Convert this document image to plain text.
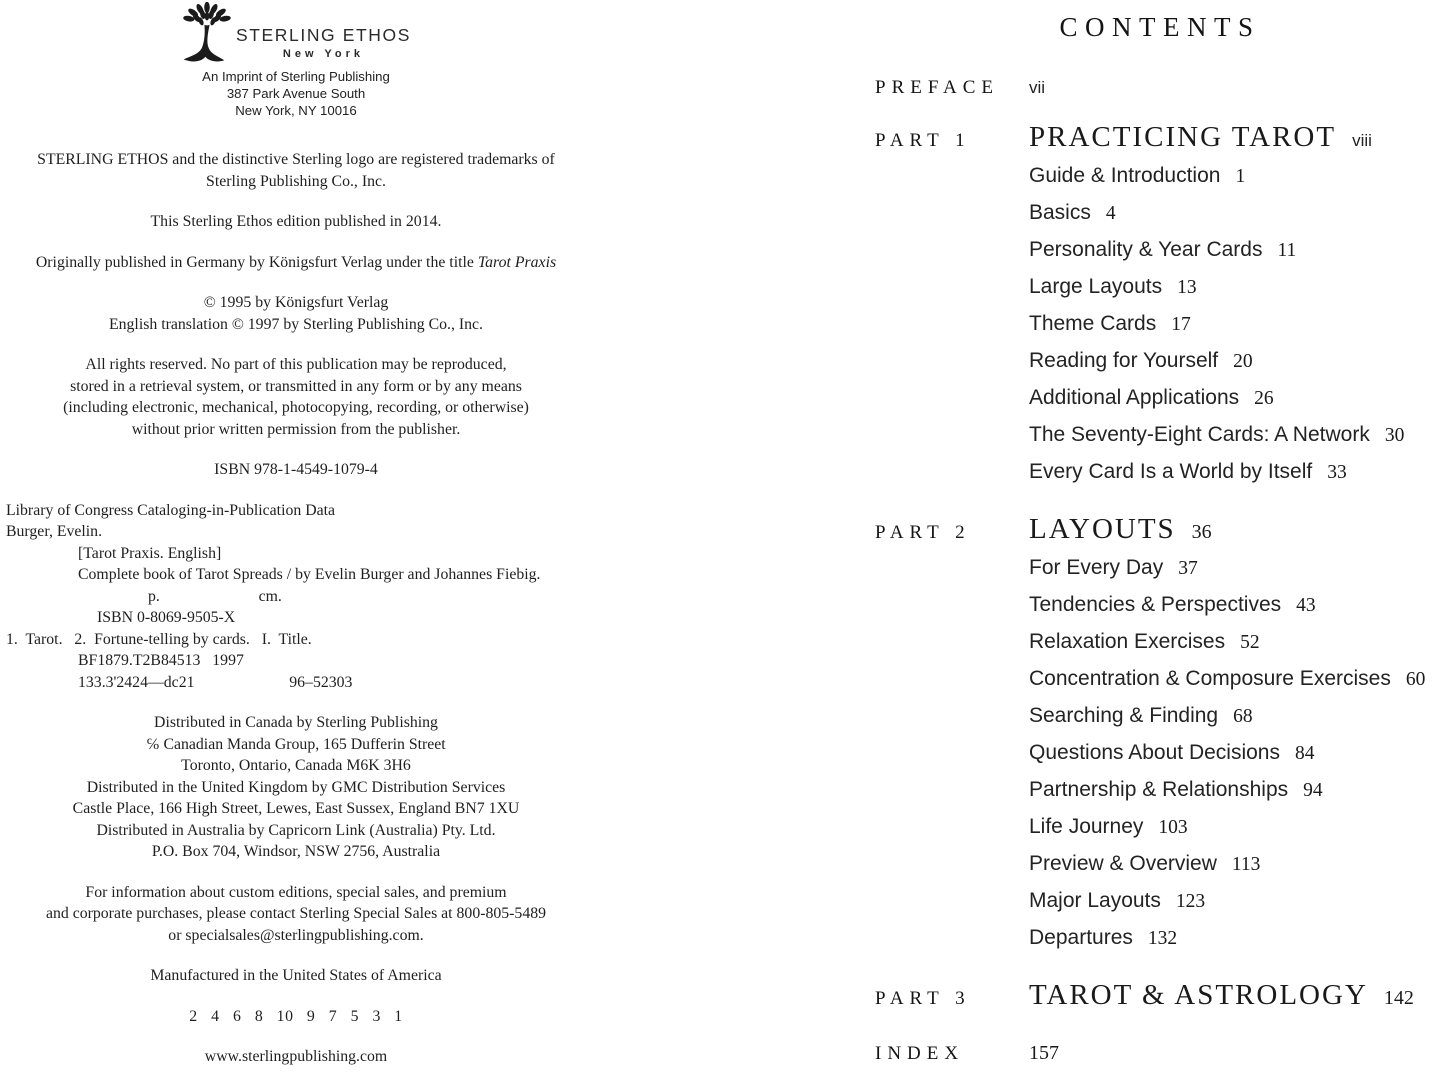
STERLING ETHOS
New York
An Imprint of Sterling Publishing
387 Park Avenue South
New York, NY 10016
STERLING ETHOS and the distinctive Sterling logo are registered trademarks of
Sterling Publishing Co., Inc.
This Sterling Ethos edition published in 2014.
Originally published in Germany by Königsfurt Verlag under the title Tarot Praxis
© 1995 by Königsfurt Verlag
English translation © 1997 by Sterling Publishing Co., Inc.
All rights reserved. No part of this publication may be reproduced,
stored in a retrieval system, or transmitted in any form or by any means
(including electronic, mechanical, photocopying, recording, or otherwise)
without prior written permission from the publisher.
ISBN 978-1-4549-1079-4
Library of Congress Cataloging-in-Publication Data
Burger, Evelin.
[Tarot Praxis. English]
Complete book of Tarot Spreads / by Evelin Burger and Johannes Fiebig.
p.                         cm.
ISBN 0-8069-9505-X
1.  Tarot.   2.  Fortune-telling by cards.   I.  Title.
BF1879.T2B84513   1997
133.3'2424—dc21                        96–52303
Distributed in Canada by Sterling Publishing
℅ Canadian Manda Group, 165 Dufferin Street
Toronto, Ontario, Canada M6K 3H6
Distributed in the United Kingdom by GMC Distribution Services
Castle Place, 166 High Street, Lewes, East Sussex, England BN7 1XU
Distributed in Australia by Capricorn Link (Australia) Pty. Ltd.
P.O. Box 704, Windsor, NSW 2756, Australia
For information about custom editions, special sales, and premium
and corporate purchases, please contact Sterling Special Sales at 800-805-5489
or specialsales@sterlingpublishing.com.
Manufactured in the United States of America
2 4 6 8 10 9 7 5 3 1
www.sterlingpublishing.com
CONTENTS
PREFACE	vii
PART 1	PRACTICING TAROT viii
Guide & Introduction 1
Basics 4
Personality & Year Cards 11
Large Layouts 13
Theme Cards 17
Reading for Yourself 20
Additional Applications 26
The Seventy-Eight Cards: A Network 30
Every Card Is a World by Itself 33
PART 2	LAYOUTS 36
For Every Day 37
Tendencies & Perspectives 43
Relaxation Exercises 52
Concentration & Composure Exercises 60
Searching & Finding 68
Questions About Decisions 84
Partnership & Relationships 94
Life Journey 103
Preview & Overview 113
Major Layouts 123
Departures 132
PART 3	TAROT & ASTROLOGY 142
INDEX	157
